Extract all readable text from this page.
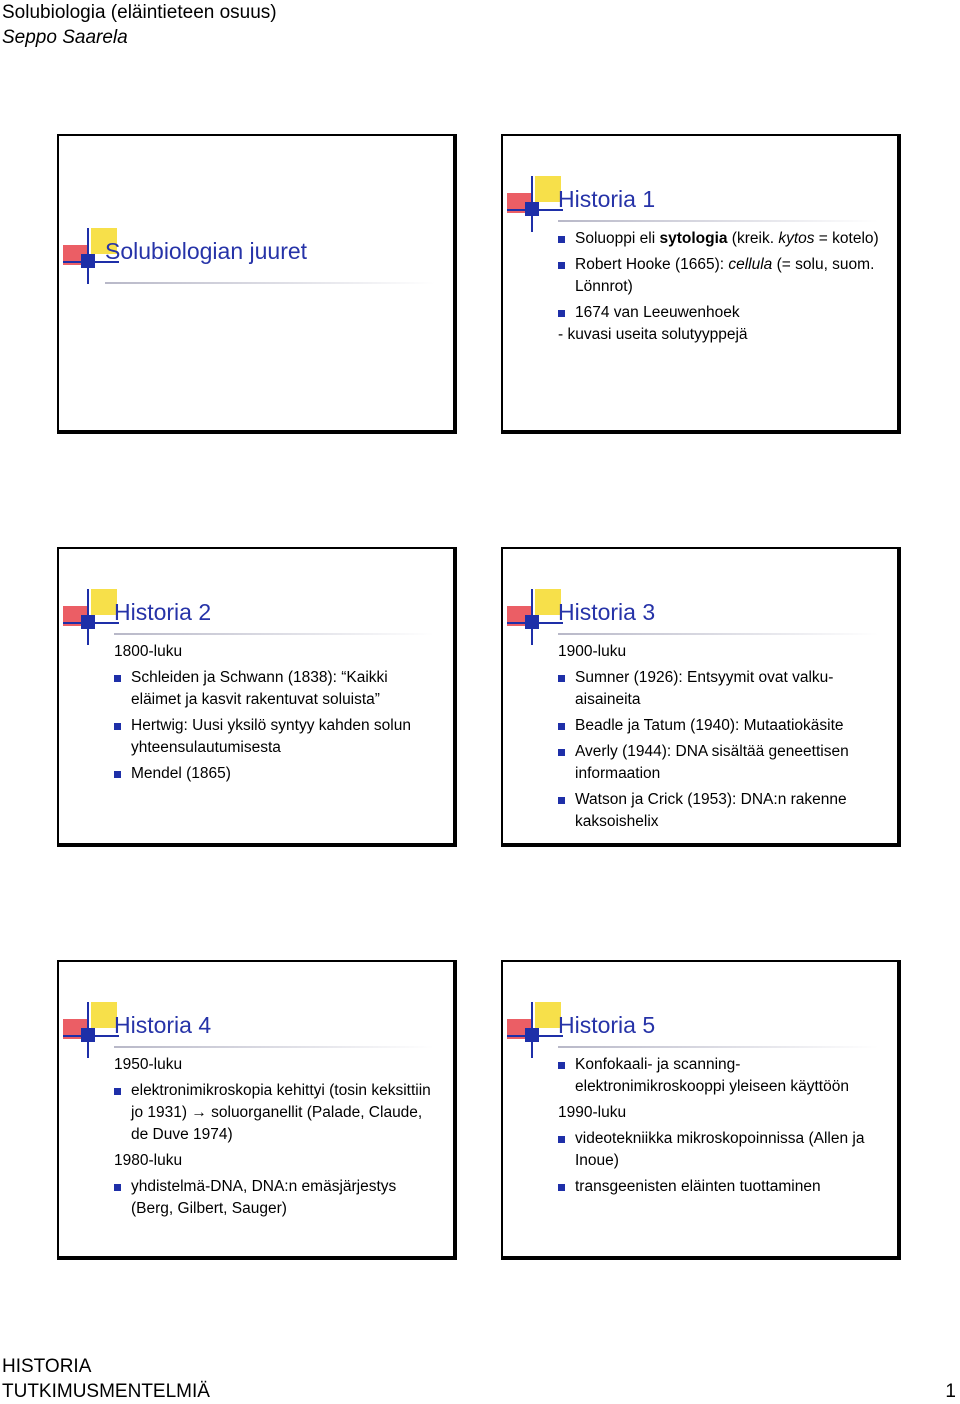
Solubiologia (eläintieteen osuus)
Seppo Saarela
Solubiologian juuret
Historia 1
Soluoppi eli sytologia (kreik. kytos = kotelo)
Robert Hooke (1665): cellula (= solu, suom. Lönnrot)
1674 van Leeuwenhoek
- kuvasi useita solutyyppejä
Historia 2
1800-luku
Schleiden ja Schwann (1838): “Kaikki eläimet ja kasvit rakentuvat soluista”
Hertwig: Uusi yksilö syntyy kahden solun yhteensulautumisesta
Mendel (1865)
Historia 3
1900-luku
Sumner (1926): Entsyymit ovat valku-aisaineita
Beadle ja Tatum (1940): Mutaatiokäsite
Averly (1944): DNA sisältää geneettisen informaation
Watson ja Crick (1953): DNA:n rakenne kaksoishelix
Historia 4
1950-luku
elektronimikroskopia kehittyi (tosin keksittiin jo 1931) → soluorganellit (Palade, Claude, de Duve 1974)
1980-luku
yhdistelmä-DNA, DNA:n emäsjärjestys (Berg, Gilbert, Sauger)
Historia 5
Konfokaali- ja scanning-elektronimikroskooppi yleiseen käyttöön
1990-luku
videotekniikka mikroskopoinnissa (Allen ja Inoue)
transgeenisten eläinten tuottaminen
HISTORIA
TUTKIMUSMENTELMIÄ	1
